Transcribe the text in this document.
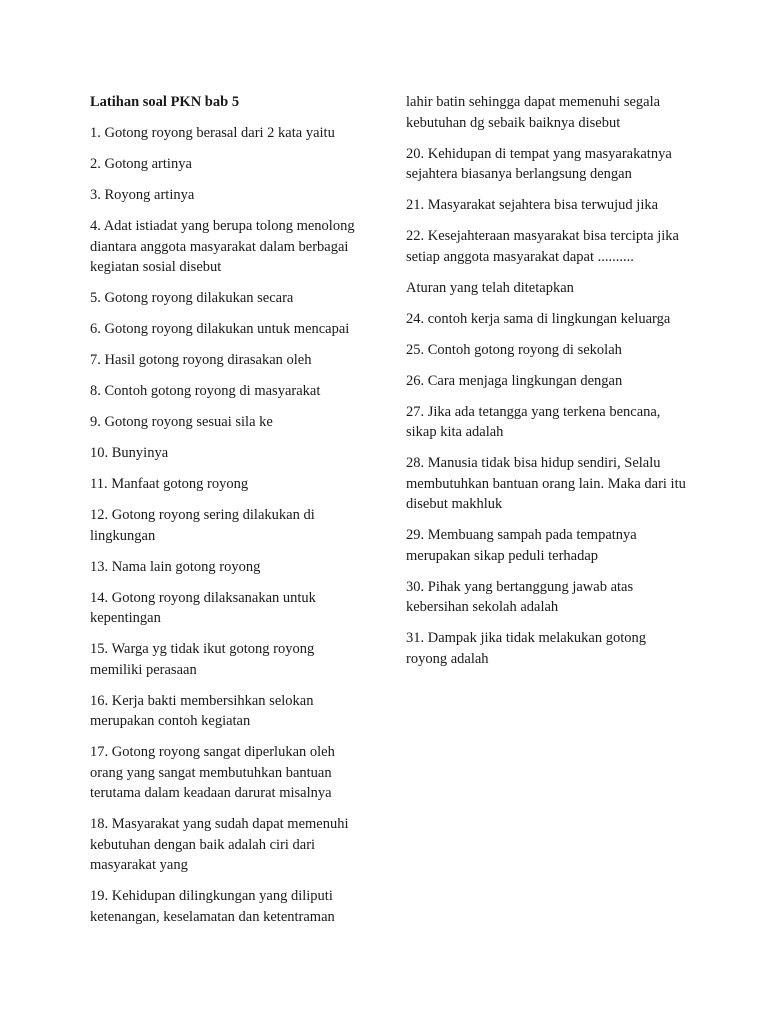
Latihan soal PKN bab 5
1. Gotong royong berasal dari 2 kata yaitu
2. Gotong artinya
3. Royong artinya
4. Adat istiadat yang berupa tolong menolong diantara anggota masyarakat dalam berbagai kegiatan sosial disebut
5. Gotong royong dilakukan secara
6. Gotong royong dilakukan untuk mencapai
7. Hasil gotong royong dirasakan oleh
8. Contoh gotong royong di masyarakat
9. Gotong royong sesuai sila ke
10. Bunyinya
11. Manfaat gotong royong
12. Gotong royong sering dilakukan di lingkungan
13. Nama lain gotong royong
14. Gotong royong dilaksanakan untuk kepentingan
15. Warga yg tidak ikut gotong royong memiliki perasaan
16. Kerja bakti membersihkan selokan merupakan contoh kegiatan
17. Gotong royong sangat diperlukan oleh orang yang sangat membutuhkan bantuan terutama dalam keadaan darurat misalnya
18. Masyarakat yang sudah dapat memenuhi kebutuhan dengan baik adalah ciri dari masyarakat yang
19. Kehidupan dilingkungan yang diliputi ketenangan, keselamatan dan ketentraman
lahir batin sehingga dapat memenuhi segala kebutuhan dg sebaik baiknya disebut
20. Kehidupan di tempat yang masyarakatnya sejahtera biasanya berlangsung dengan
21. Masyarakat sejahtera bisa terwujud jika
22. Kesejahteraan masyarakat bisa tercipta jika setiap anggota masyarakat dapat ..........
Aturan yang telah ditetapkan
24. contoh kerja sama di lingkungan keluarga
25. Contoh gotong royong di sekolah
26. Cara menjaga lingkungan dengan
27. Jika ada tetangga yang terkena bencana, sikap kita adalah
28. Manusia tidak bisa hidup sendiri, Selalu membutuhkan bantuan orang lain. Maka dari itu disebut makhluk
29. Membuang sampah pada tempatnya merupakan sikap peduli terhadap
30. Pihak yang bertanggung jawab atas kebersihan sekolah adalah
31. Dampak jika tidak melakukan gotong royong adalah
